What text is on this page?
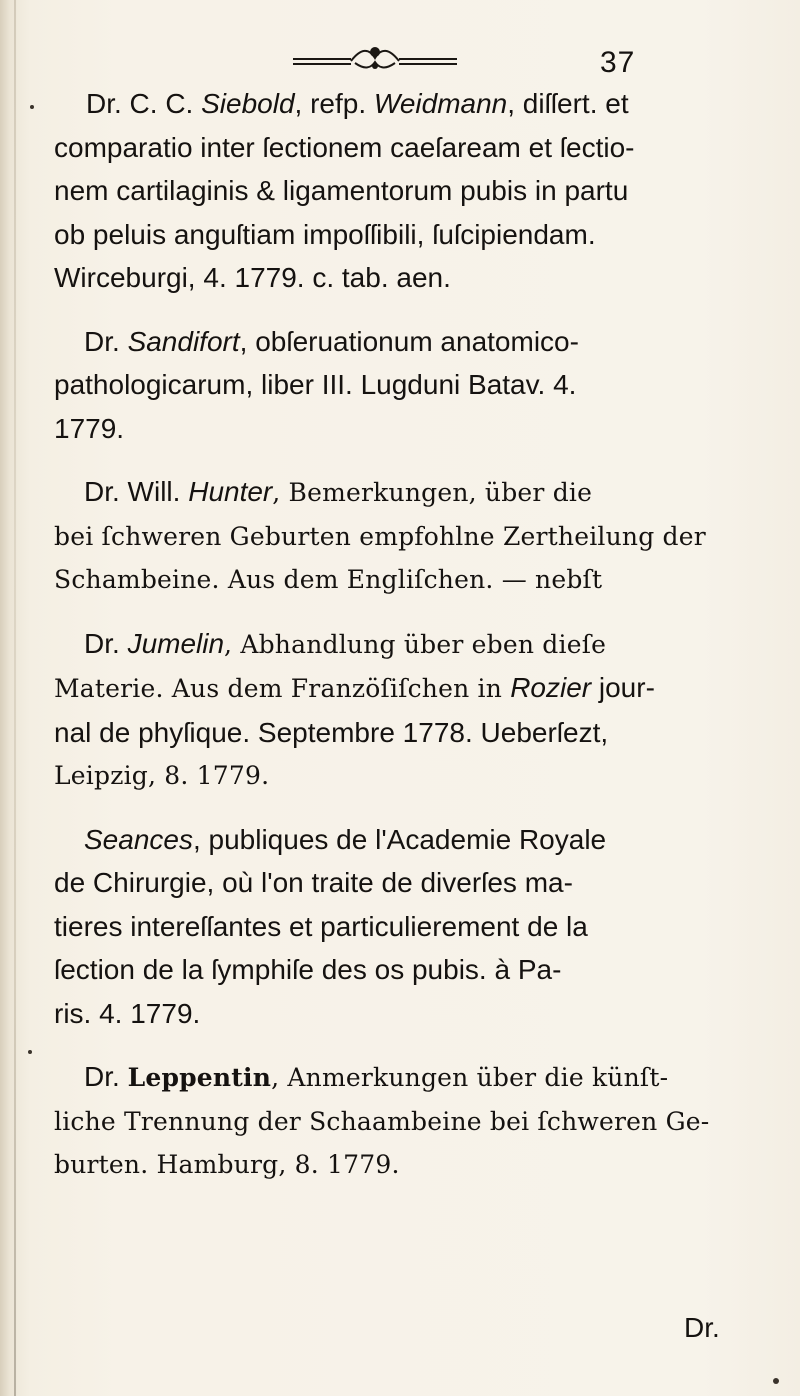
37
Dr. C. C. Siebold, refp. Weidmann, diſſert. et
comparatio inter ſectionem caeſaream et ſectio-
nem cartilaginis & ligamentorum pubis in partu
ob peluis anguſtiam impoſſibili, ſuſcipiendam.
Wirceburgi, 4. 1779. c. tab. aen.
Dr. Sandifort, obſeruationum anatomico-
pathologicarum, liber III. Lugduni Batav. 4.
1779.
Dr. Will. Hunter, Bemerkungen, über die
bei ſchweren Geburten empfohlne Zertheilung der
Schambeine. Aus dem Engliſchen. — nebſt
Dr. Jumelin, Abhandlung über eben dieſe
Materie. Aus dem Franzöſiſchen in Rozier jour-
nal de phyſique. Septembre 1778. Ueberſezt,
Leipzig, 8. 1779.
Seances, publiques de l'Academie Royale
de Chirurgie, où l'on traite de diverſes ma-
tieres intereſſantes et particulierement de la
ſection de la ſymphiſe des os pubis. à Pa-
ris. 4. 1779.
Dr. Leppentin, Anmerkungen über die künſt-
liche Trennung der Schaambeine bei ſchweren Ge-
burten. Hamburg, 8. 1779.
Dr.
